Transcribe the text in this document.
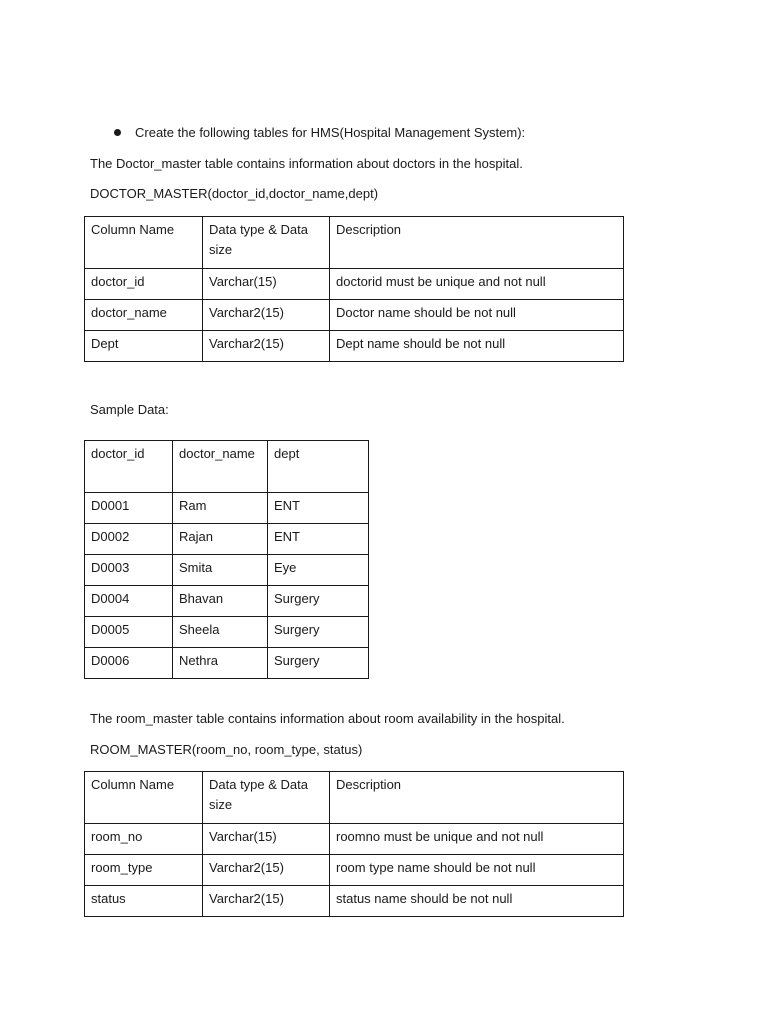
Create the following tables for HMS(Hospital Management System):
The Doctor_master table contains information about doctors in the hospital.
DOCTOR_MASTER(doctor_id,doctor_name,dept)
Column Name	Data type & Data size	Description
doctor_id	Varchar(15)	doctorid must be unique and not null
doctor_name	Varchar2(15)	Doctor name should be not null
Dept	Varchar2(15)	Dept name should be not null
Sample Data:
doctor_id	doctor_name	dept
D0001	Ram	ENT
D0002	Rajan	ENT
D0003	Smita	Eye
D0004	Bhavan	Surgery
D0005	Sheela	Surgery
D0006	Nethra	Surgery
The room_master table contains information about room availability in the hospital.
ROOM_MASTER(room_no, room_type, status)
Column Name	Data type & Data size	Description
room_no	Varchar(15)	roomno must be unique and not null
room_type	Varchar2(15)	room type name should be not null
status	Varchar2(15)	status name should be not null
